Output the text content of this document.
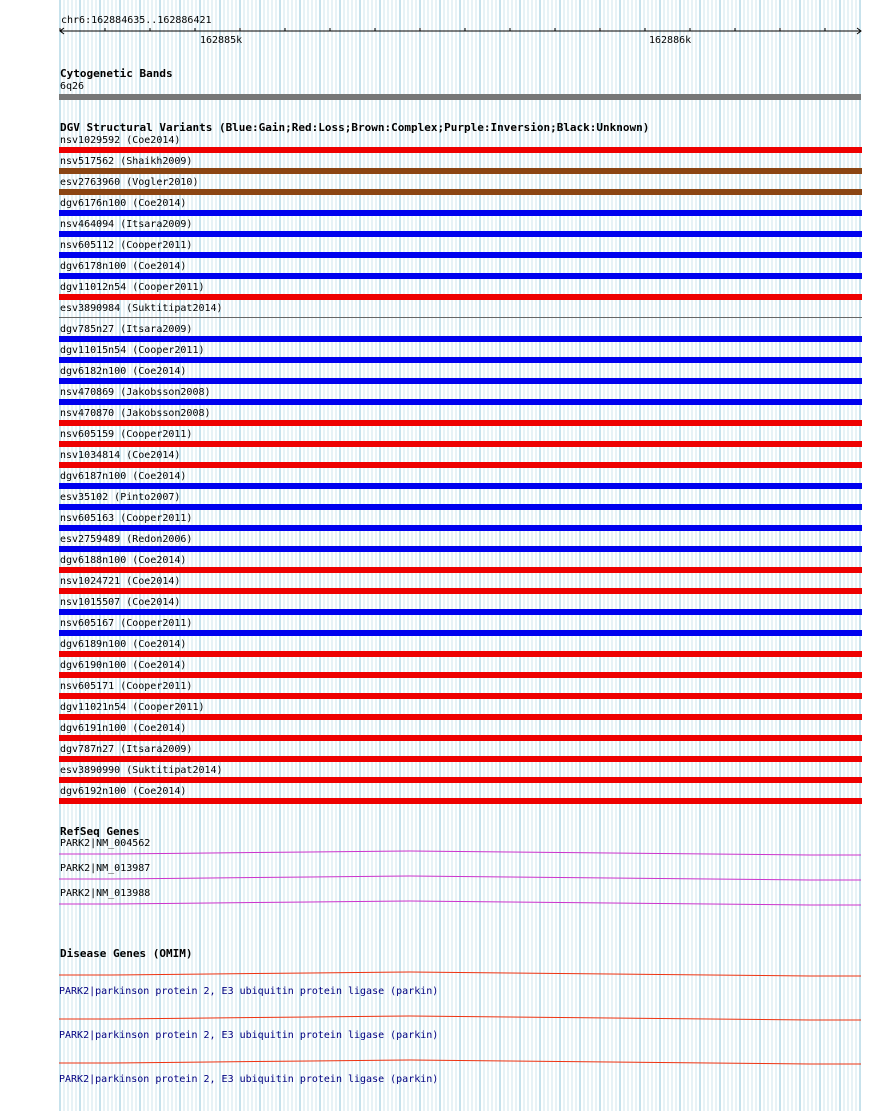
chr6:162884635..162886421
162885k	162886k
Cytogenetic Bands
6q26
DGV Structural Variants (Blue:Gain;Red:Loss;Brown:Complex;Purple:Inversion;Black:Unknown)
nsv1029592 (Coe2014)
nsv517562 (Shaikh2009)
esv2763960 (Vogler2010)
dgv6176n100 (Coe2014)
nsv464094 (Itsara2009)
nsv605112 (Cooper2011)
dgv6178n100 (Coe2014)
dgv11012n54 (Cooper2011)
esv3890984 (Suktitipat2014)
dgv785n27 (Itsara2009)
dgv11015n54 (Cooper2011)
dgv6182n100 (Coe2014)
nsv470869 (Jakobsson2008)
nsv470870 (Jakobsson2008)
nsv605159 (Cooper2011)
nsv1034814 (Coe2014)
dgv6187n100 (Coe2014)
esv35102 (Pinto2007)
nsv605163 (Cooper2011)
esv2759489 (Redon2006)
dgv6188n100 (Coe2014)
nsv1024721 (Coe2014)
nsv1015507 (Coe2014)
nsv605167 (Cooper2011)
dgv6189n100 (Coe2014)
dgv6190n100 (Coe2014)
nsv605171 (Cooper2011)
dgv11021n54 (Cooper2011)
dgv6191n100 (Coe2014)
dgv787n27 (Itsara2009)
esv3890990 (Suktitipat2014)
dgv6192n100 (Coe2014)
RefSeq Genes
PARK2|NM_004562
PARK2|NM_013987
PARK2|NM_013988
Disease Genes (OMIM)
PARK2|parkinson protein 2, E3 ubiquitin protein ligase (parkin)
PARK2|parkinson protein 2, E3 ubiquitin protein ligase (parkin)
PARK2|parkinson protein 2, E3 ubiquitin protein ligase (parkin)
